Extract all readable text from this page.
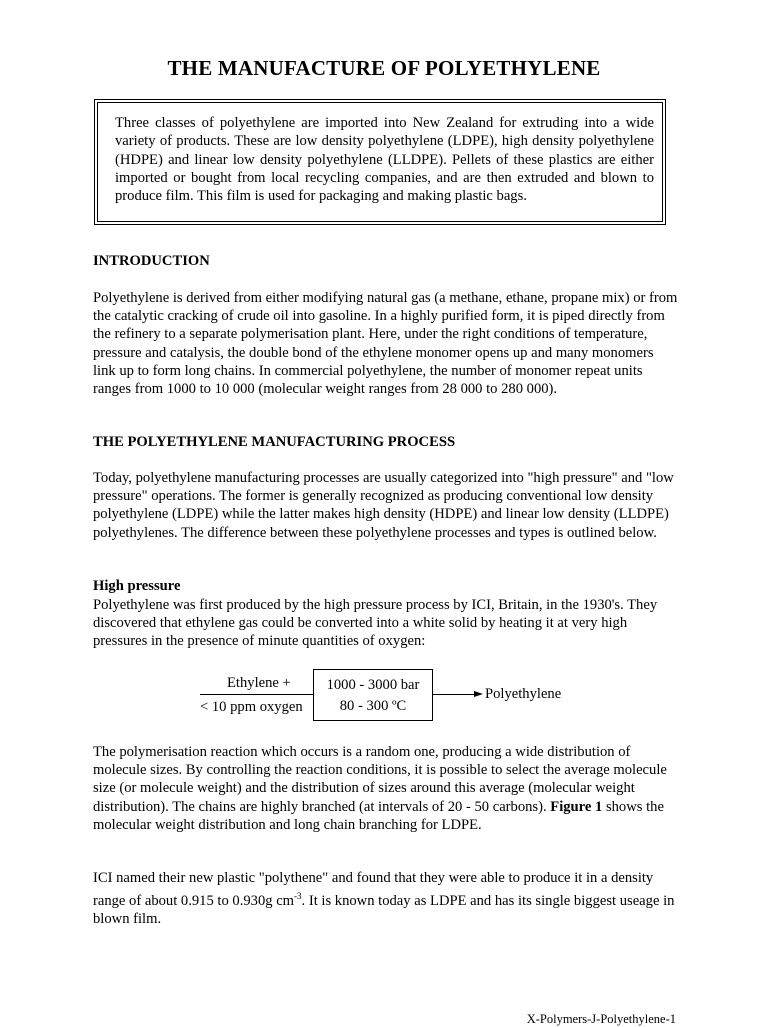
THE MANUFACTURE OF POLYETHYLENE
Three classes of polyethylene are imported into New Zealand for extruding into a wide variety of products. These are low density polyethylene (LDPE), high density polyethylene (HDPE) and linear low density polyethylene (LLDPE). Pellets of these plastics are either imported or bought from local recycling companies, and are then extruded and blown to produce film. This film is used for packaging and making plastic bags.
INTRODUCTION
Polyethylene is derived from either modifying natural gas (a methane, ethane, propane mix) or from the catalytic cracking of crude oil into gasoline. In a highly purified form, it is piped directly from the refinery to a separate polymerisation plant. Here, under the right conditions of temperature, pressure and catalysis, the double bond of the ethylene monomer opens up and many monomers link up to form long chains. In commercial polyethylene, the number of monomer repeat units ranges from 1000 to 10 000 (molecular weight ranges from 28 000 to 280 000).
THE POLYETHYLENE MANUFACTURING PROCESS
Today, polyethylene manufacturing processes are usually categorized into "high pressure" and "low pressure" operations. The former is generally recognized as producing conventional low density polyethylene (LDPE) while the latter makes high density (HDPE) and linear low density (LLDPE) polyethylenes. The difference between these polyethylene processes and types is outlined below.
High pressure
Polyethylene was first produced by the high pressure process by ICI, Britain, in the 1930's. They discovered that ethylene gas could be converted into a white solid by heating it at very high pressures in the presence of minute quantities of oxygen:
Ethylene +
< 10 ppm oxygen
1000 - 3000 bar
80 - 300 ºC
Polyethylene
The polymerisation reaction which occurs is a random one, producing a wide distribution of molecule sizes. By controlling the reaction conditions, it is possible to select the average molecule size (or molecule weight) and the distribution of sizes around this average (molecular weight distribution). The chains are highly branched (at intervals of 20 - 50 carbons). Figure 1 shows the molecular weight distribution and long chain branching for LDPE.
ICI named their new plastic "polythene" and found that they were able to produce it in a density range of about 0.915 to 0.930g $cm^{-3}$. It is known today as LDPE and has its single biggest useage in blown film.
X-Polymers-J-Polyethylene-1
